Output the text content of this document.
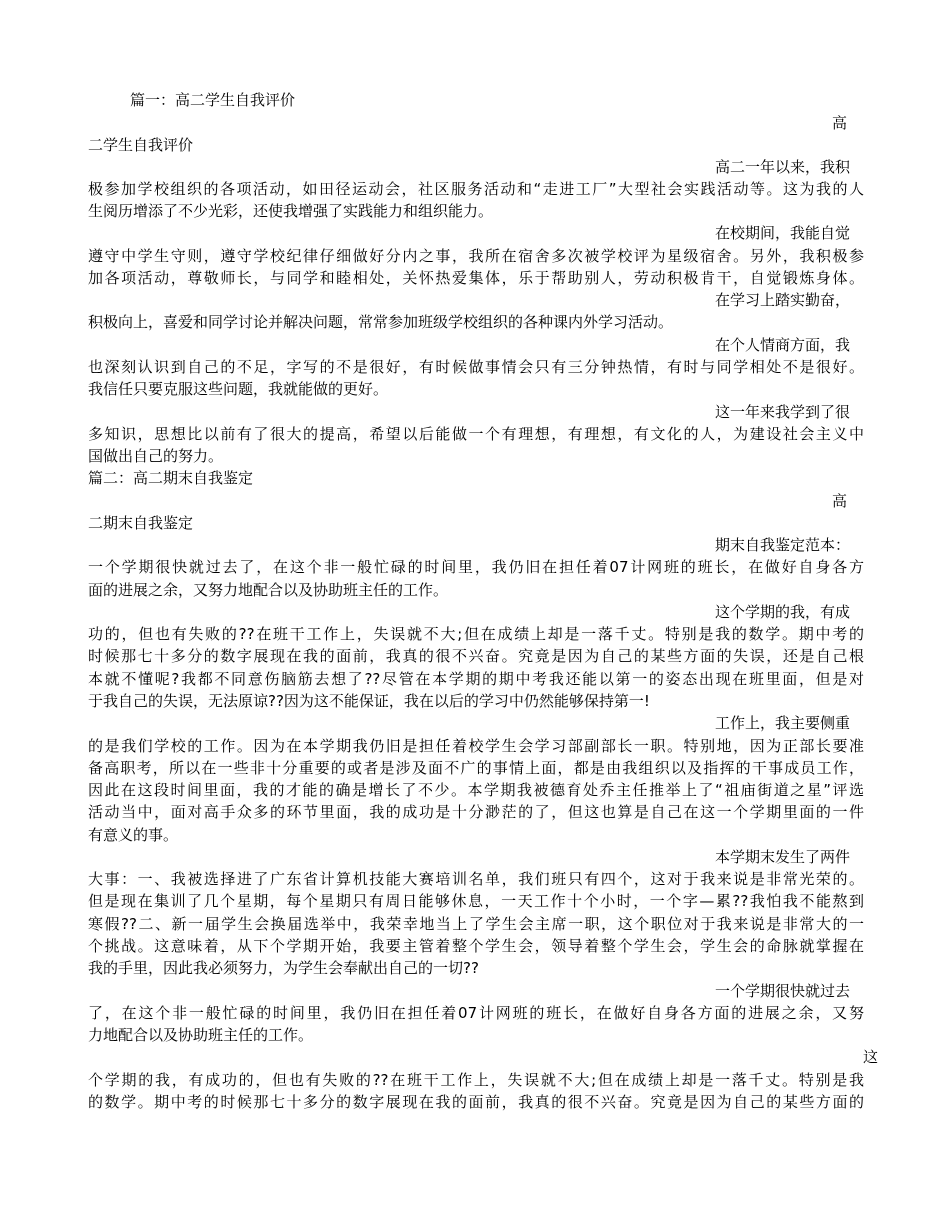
篇一：高二学生自我评价
高
二学生自我评价
高二一年以来，我积
极参加学校组织的各项活动，如田径运动会，社区服务活动和“走进工厂”大型社会实践活动等。这为我的人
生阅历增添了不少光彩，还使我增强了实践能力和组织能力。
在校期间，我能自觉
遵守中学生守则，遵守学校纪律仔细做好分内之事，我所在宿舍多次被学校评为星级宿舍。另外，我积极参
加各项活动，尊敬师长，与同学和睦相处，关怀热爱集体，乐于帮助别人，劳动积极肯干，自觉锻炼身体。
在学习上踏实勤奋，
积极向上，喜爱和同学讨论并解决问题，常常参加班级学校组织的各种课内外学习活动。
在个人情商方面，我
也深刻认识到自己的不足，字写的不是很好，有时候做事情会只有三分钟热情，有时与同学相处不是很好。
我信任只要克服这些问题，我就能做的更好。
这一年来我学到了很
多知识，思想比以前有了很大的提高，希望以后能做一个有理想，有理想，有文化的人，为建设社会主义中
国做出自己的努力。
篇二：高二期末自我鉴定
高
二期末自我鉴定
期末自我鉴定范本：
一个学期很快就过去了，在这个非一般忙碌的时间里，我仍旧在担任着07计网班的班长，在做好自身各方
面的进展之余，又努力地配合以及协助班主任的工作。
这个学期的我，有成
功的，但也有失败的??在班干工作上，失误就不大;但在成绩上却是一落千丈。特别是我的数学。期中考的
时候那七十多分的数字展现在我的面前，我真的很不兴奋。究竟是因为自己的某些方面的失误，还是自己根
本就不懂呢?我都不同意伤脑筋去想了??尽管在本学期的期中考我还能以第一的姿态出现在班里面，但是对
于我自己的失误，无法原谅??因为这不能保证，我在以后的学习中仍然能够保持第一!
工作上，我主要侧重
的是我们学校的工作。因为在本学期我仍旧是担任着校学生会学习部副部长一职。特别地，因为正部长要准
备高职考，所以在一些非十分重要的或者是涉及面不广的事情上面，都是由我组织以及指挥的干事成员工作，
因此在这段时间里面，我的才能的确是增长了不少。本学期我被德育处乔主任推举上了“祖庙街道之星”评选
活动当中，面对高手众多的环节里面，我的成功是十分渺茫的了，但这也算是自己在这一个学期里面的一件
有意义的事。
本学期末发生了两件
大事：一、我被选择进了广东省计算机技能大赛培训名单，我们班只有四个，这对于我来说是非常光荣的。
但是现在集训了几个星期，每个星期只有周日能够休息，一天工作十个小时，一个字—累??我怕我不能熬到
寒假??二、新一届学生会换届选举中，我荣幸地当上了学生会主席一职，这个职位对于我来说是非常大的一
个挑战。这意味着，从下个学期开始，我要主管着整个学生会，领导着整个学生会，学生会的命脉就掌握在
我的手里，因此我必须努力，为学生会奉献出自己的一切??
一个学期很快就过去
了，在这个非一般忙碌的时间里，我仍旧在担任着07计网班的班长，在做好自身各方面的进展之余，又努
力地配合以及协助班主任的工作。
这
个学期的我，有成功的，但也有失败的??在班干工作上，失误就不大;但在成绩上却是一落千丈。特别是我
的数学。期中考的时候那七十多分的数字展现在我的面前，我真的很不兴奋。究竟是因为自己的某些方面的
